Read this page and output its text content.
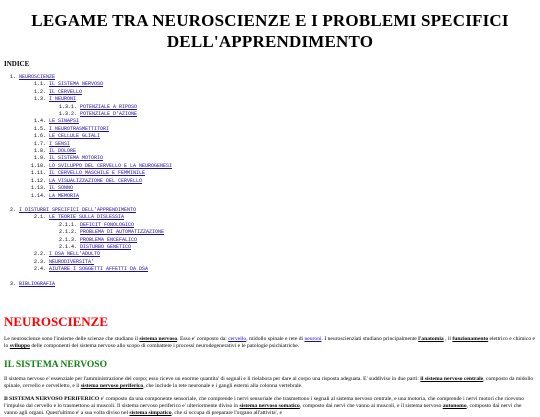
LEGAME TRA NEUROSCIENZE E I PROBLEMI SPECIFICI
DELL'APPRENDIMENTO
INDICE
1. NEUROSCIENZE
1.1. IL SISTEMA NERVOSO
1.2. IL CERVELLO
1.3. I NEURONI
1.3.1. POTENZIALE A RIPOSO
1.3.2. POTENZIALE D'AZIONE
1.4. LE SINAPSI
1.5. I NEUROTRASMETTITORI
1.6. LE CELLULE GLIALI
1.7. I SENSI
1.8. IL DOLORE
1.9. IL SISTEMA MOTORIO
1.10. LO SVILUPPO DEL CERVELLO E LA NEUROGENESI
1.11. IL CERVELLO MASCHILE E FEMMINILE
1.12. LA VISUALIZZAZIONE DEL CERVELLO
1.13. IL SONNO
1.14. LA MEMORIA
2. I DISTURBI SPECIFICI DELL'APPRENDIMENTO
2.1. LE TEORIE SULLA DISLESSIA
2.1.1. DEFICIT FONOLOGICO
2.1.2. PROBLEMA DI AUTOMATIZZAZIONE
2.1.3. PROBLEMA ENCEFALICO
2.1.4. DISTURBO GENETICO
2.2. I DSA NELL'ADULTO
2.3. NEURODIVERSITA'
2.4. AIUTARE I SOGGETTI AFFETTI DA DSA
3. BIBLIOGRAFIA
NEUROSCIENZE

Le neuroscienze sono l'insieme delle scienze che studiano il sistema nervoso. Esso e' composto da: cervello, midollo spinale e rete di neuroni. I neuroscienziati studiano principalmente l'anatomia , il funzionamento elettrico e chimico e lo sviluppo delle componenti del sistema nervoso allo scopo di combattere i processi neurodegenerativi e le patologie psichiatriche.

IL SISTEMA NERVOSO

Il sistema nervoso e' essenziale per l'amministrazione del corpo; esso riceve un enorme quantita' di segnali e li rielabora per dare al corpo una risposta adeguata. E' suddiviso in due parti: il sistema nervoso centrale, composto da midollo spinale, cervello e cervelletto, e il sistema nervoso periferico, che include la rete neuronale e i gangli esterni alla colonna vertebrale.

Il SISTEMA NERVOSO PERIFERICO e' composto da una componente sensoriale, che comprende i nervi sensoriale che trasmettono i segnali al sistema nervoso centrale, e una motoria, che comprende i nervi motori che ricevono l'impulso dal cervello e lo trasmettono ai muscoli. Il sistema nervoso periferico e' ulteriormente diviso in sistema nervoso somatico, composto dai nervi che vanno ai muscoli, e il sistema nervoso autonomo, composto dai nervi che vanno agli organi. Quest'ultimo e' a sua volta diviso nel sistema simpatico, che si occupa di preparare l'organo all'attivita', e
